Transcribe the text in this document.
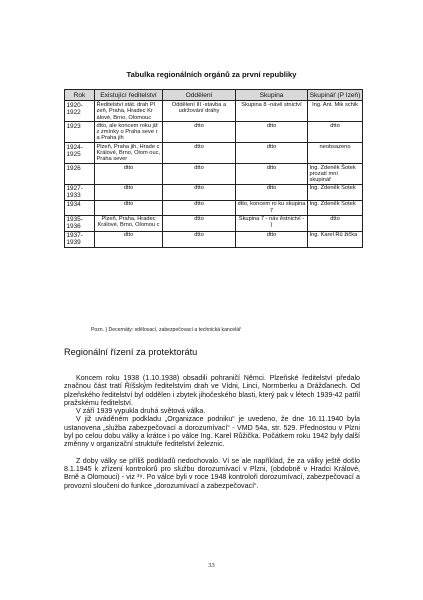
Tabulka regionálních orgánů za první republiky
Rok	Existující ředitelství	Oddělení	Skupina	Skupinář (P Izeň)
1920-1922	Ředitelství stát. drah Pl zeň, Praha, Hradec Kr álové, Brno, Olomouc	Oddělení III -stavba a udržování dráhy	Skupina 8 -návě stnictví	Ing. Ant. Mik schik
1923	dtto, ale koncem roku již z zmínky o Praha seve r a Praha jih	dtto	dtto	dtto
1924-1925	Plzeň, Praha jih, Hrade c Králové, Brno, Olom ouc, Praha sever	dtto	dtto	neobsazeno
1926	dtto	dtto	dtto	Ing. Zdeněk Šotek prozatí mní skupinář
1927-1933	dtto	dtto	dtto	Ing. Zdeněk Šotek
1934	dtto	dtto	dtto, koncem ro ku skupina 7	Ing. Zdeněk Šotek
1935-1936	Plzeň, Praha, Hradec Králové, Brno, Olomou c	dtto	Skupina 7 - náv ěstnictví - )	dtto
1937-1939	dtto	dtto	dtto	Ing. Karel Rů žička
Pozn. ) Decernáty: sdělovací, zabezpečovací a technická kancelář
Regionální řízení za protektorátu

Koncem roku 1938 (1.10.1938) obsadili pohraničí Němci. Plzeňské ředitelství předalo značnou část tratí Říšským ředitelstvím drah ve Vídni, Linci, Normberku a Drážďanech. Od plzeňského ředitelství byl oddělen i zbytek jihočeského blasti, který pak v létech 1939-42 patřil pražskému ředitelství.

V září 1939 vypukla druhá světová válka.

V již uváděném podkladu „Organizace podniku“ je uvedeno, že dne 16.11.1940 byla ustanovena „služba zabezpečovací a dorozumívací“ - VMD 54a, str. 529. Přednostou v Plzni byl po celou dobu války a krátce i po válce Ing. Karel Růžička. Počátkem roku 1942 byly další změnny v organizační struktuře ředitelství železnic.

Z doby války se příliš podkladů nedochovalo. Ví se ale například, že za války ještě došlo 8.1.1945 k zřízení kontrolorů pro službu dorozumívací v Plzni, (obdobně v Hradci Králové, Brně a Olomouci) - viz ³⁹. Po válce byli v roce 1948 kontroloři dorozumívací, zabezpečovací a provozní sloučeni do funkce „dorozumívací a zabezpečovací“.

33
